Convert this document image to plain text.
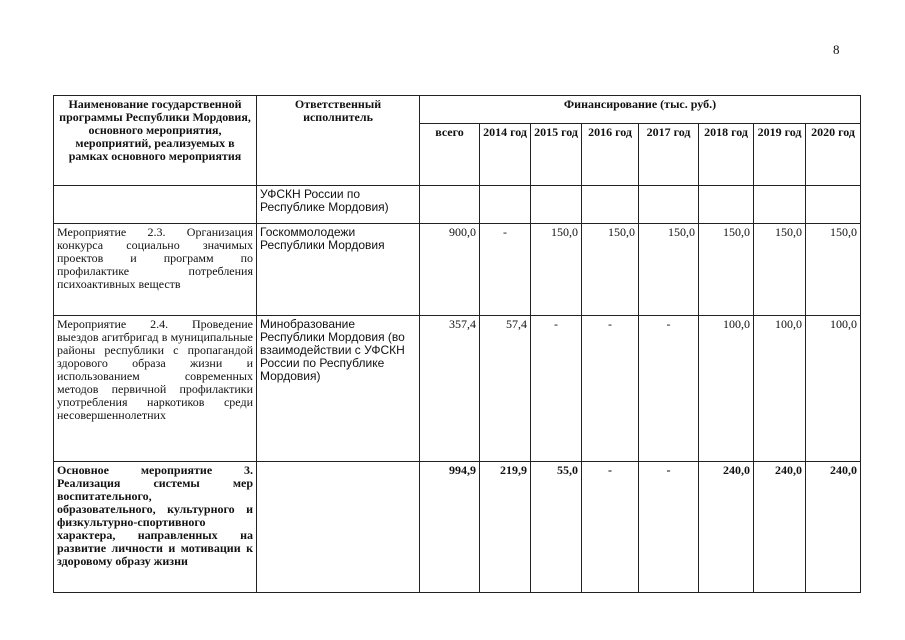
8
Наименование государственной программы Республики Мордовия, основного мероприятия, мероприятий, реализуемых в рамках основного мероприятия	Ответственный исполнитель	Финансирование (тыс. руб.)							
		всего	2014 год	2015 год	2016 год	2017 год	2018 год	2019 год	2020 год
	УФСКН России по Республике Мордовия)								
Мероприятие 2.3. Организация конкурса социально значимых проектов и программ по профилактике потребления психоактивных веществ	Госкоммолодежи Республики Мордовия	900,0	-	150,0	150,0	150,0	150,0	150,0	150,0
Мероприятие 2.4. Проведение выездов агитбригад в муниципальные районы республики с пропагандой здорового образа жизни и использованием современных методов первичной профилактики употребления наркотиков среди несовершеннолетних	Минобразование Республики Мордовия (во взаимодействии с УФСКН России по Республике Мордовия)	357,4	57,4	-	-	-	100,0	100,0	100,0
Основное мероприятие 3. Реализация системы мер воспитательного, образовательного, культурного и физкультурно-спортивного характера, направленных на развитие личности и мотивации к здоровому образу жизни		994,9	219,9	55,0	-	-	240,0	240,0	240,0
